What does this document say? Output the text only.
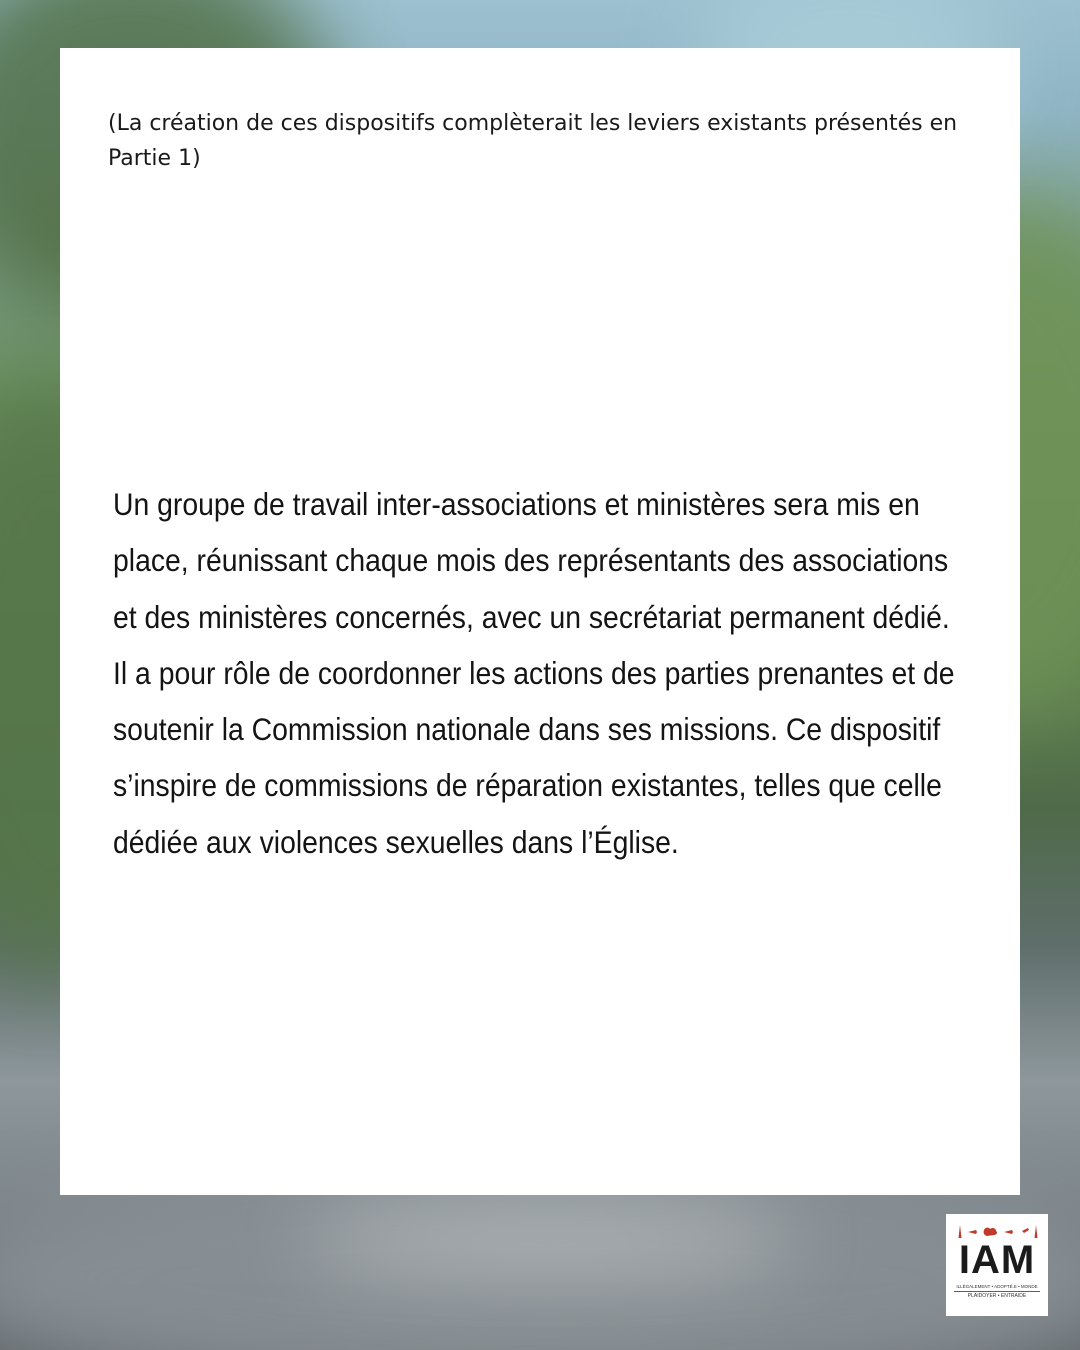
(La création de ces dispositifs complèterait les leviers existants présentés en Partie 1)

Un groupe de travail inter-associations et ministères sera mis en place, réunissant chaque mois des représentants des associations et des ministères concernés, avec un secrétariat permanent dédié. Il a pour rôle de coordonner les actions des parties prenantes et de soutenir la Commission nationale dans ses missions. Ce dispositif s’inspire de commissions de réparation existantes, telles que celle dédiée aux violences sexuelles dans l’Église.

IAM
ILLÉGALEMENT • ADOPTÉ.E • MONDE
PLAIDOYER • ENTRAIDE
